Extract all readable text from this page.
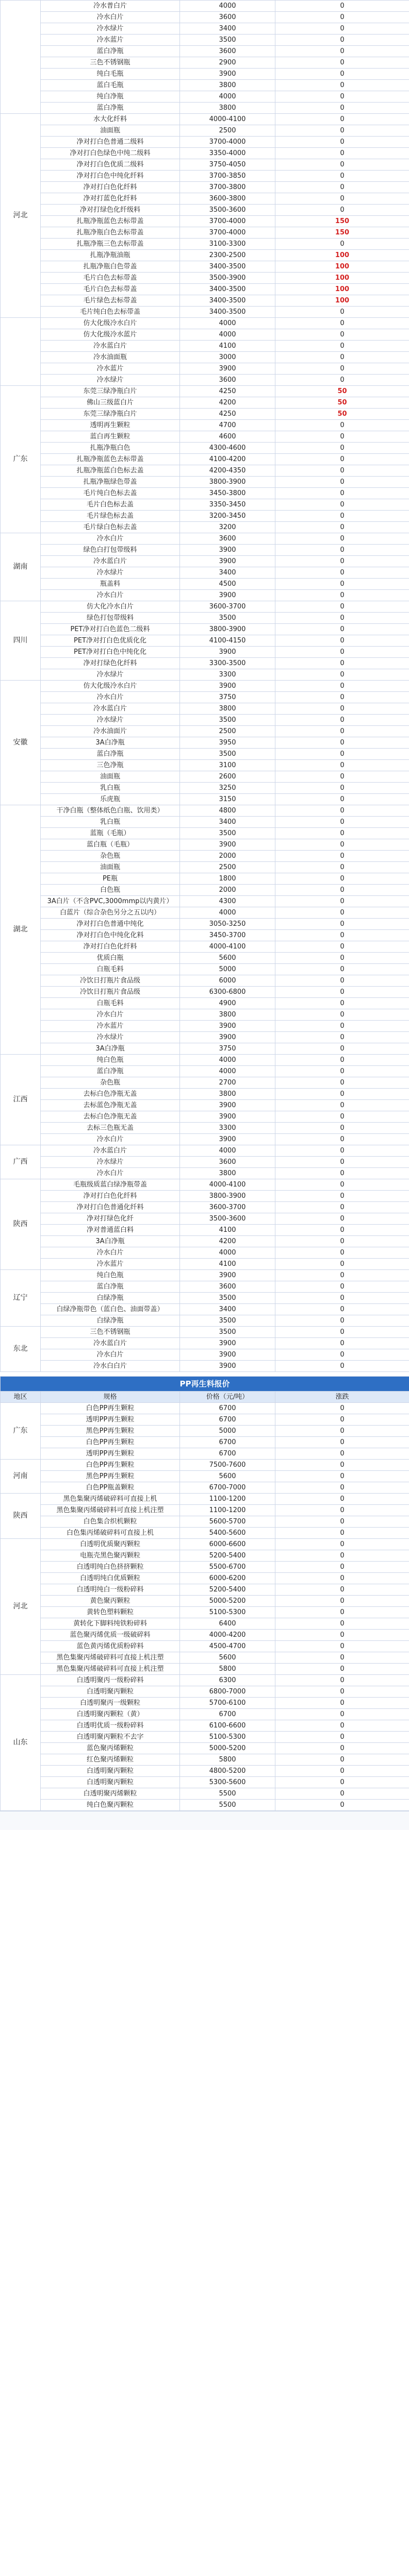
	冷水普白片	4000	0
	冷水白片	3600	0
	冷水绿片	3400	0
	冷水蓝片	3500	0
	蓝白净瓶	3600	0
	三色不锈钢瓶	2900	0
	纯白毛瓶	3900	0
	蓝白毛瓶	3800	0
	纯白净瓶	4000	0
	蓝白净瓶	3800	0
河北	水大化纤料	4000-4100	0
	油面瓶	2500	0
	净对打白色普通二级料	3700-4000	0
	净对打白色绿色中纯二级料	3350-4000	0
	净对打白色优质二级料	3750-4050	0
	净对打白色中纯化纤料	3700-3850	0
	净对打白色化纤料	3700-3800	0
	净对打蓝色化纤料	3600-3800	0
	净对打绿色化纤级料	3500-3600	0
	扎瓶净瓶蓝色去标带盖	3700-4000	150
	扎瓶净瓶白色去标带盖	3700-4000	150
	扎瓶净瓶三色去标带盖	3100-3300	0
	扎瓶净瓶油瓶	2300-2500	100
	扎瓶净瓶白色带盖	3400-3500	100
	毛片白色去标带盖	3500-3900	100
	毛片白色去标带盖	3400-3500	100
	毛片绿色去标带盖	3400-3500	100
	毛片纯白色去标带盖	3400-3500	0
	仿大化级冷水白片	4000	0
	仿大化级冷水蓝片	4000	0
	冷水蓝白片	4100	0
	冷水油面瓶	3000	0
	冷水蓝片	3900	0
	冷水绿片	3600	0
广东	东莞三绿净瓶白片	4250	50
	佛山三级蓝白片	4200	50
	东莞三绿净瓶白片	4250	50
	透明再生颗粒	4700	0
	蓝白再生颗粒	4600	0
	扎瓶净瓶白色	4300-4600	0
	扎瓶净瓶蓝色去标带盖	4100-4200	0
	扎瓶净瓶蓝白色标去盖	4200-4350	0
	扎瓶净瓶绿色带盖	3800-3900	0
	毛片纯白色标去盖	3450-3800	0
	毛片白色标去盖	3350-3450	0
	毛片绿色标去盖	3200-3450	0
	毛片绿白色标去盖	3200	0
湖南	冷水白片	3600	0
	绿色白打包带级料	3900	0
	冷水蓝白片	3900	0
	冷水绿片	3400	0
	瓶盖料	4500	0
	冷水白片	3900	0
四川	仿大化冷水白片	3600-3700	0
	绿色打包带级料	3500	0
	PET净对打白色蓝色二级料	3800-3900	0
	PET净对打白色优质化化	4100-4150	0
	PET净对打白色中纯化化	3900	0
	净对打绿色化纤料	3300-3500	0
	冷水绿片	3300	0
安徽	仿大化级冷水白片	3900	0
	冷水白片	3750	0
	冷水蓝白片	3800	0
	冷水绿片	3500	0
	冷水油面片	2500	0
	3A白净瓶	3950	0
	蓝白净瓶	3500	0
	三色净瓶	3100	0
	油面瓶	2600	0
	乳白瓶	3250	0
	乐虎瓶	3150	0
湖北	干净白瓶（整体纸色白瓶、饮用类）	4800	0
	乳白瓶	3400	0
	蓝瓶（毛瓶）	3500	0
	蓝白瓶（毛瓶）	3900	0
	杂色瓶	2000	0
	油面瓶	2500	0
	PE瓶	1800	0
	白色瓶	2000	0
	3A白片（不含PVC,3000mmp以内黄片）	4300	0
	白蓝片（综合杂色另分之五以内）	4000	0
	净对打白色普通中纯化	3050-3250	0
	净对打白色中纯化化料	3450-3700	0
	净对打白色化纤料	4000-4100	0
	优质白瓶	5600	0
	白瓶毛料	5000	0
	冷饮日打瓶片食品级	6000	0
	冷饮日打瓶片食品级	6300-6800	0
	白瓶毛料	4900	0
	冷水白片	3800	0
	冷水蓝片	3900	0
	冷水绿片	3900	0
	3A白净瓶	3750	0
江西	纯白色瓶	4000	0
	蓝白净瓶	4000	0
	杂色瓶	2700	0
	去标白色净瓶无盖	3800	0
	去标蓝色净瓶无盖	3900	0
	去标白色净瓶无盖	3900	0
	去标三色瓶无盖	3300	0
	冷水白片	3900	0
广西	冷水蓝白片	4000	0
	冷水绿片	3600	0
	冷水白片	3800	0
陕西	毛瓶级质蓝白绿净瓶带盖	4000-4100	0
	净对打白色化纤料	3800-3900	0
	净对打白色普通化纤料	3600-3700	0
	净对打绿色化纤	3500-3600	0
	净对普通蓝白料	4100	0
	3A白净瓶	4200	0
	冷水白片	4000	0
	冷水蓝片	4100	0
辽宁	纯白色瓶	3900	0
	蓝白净瓶	3600	0
	白绿净瓶	3500	0
	白绿净瓶带色（蓝白色、油面带盖）	3400	0
	白绿净瓶	3500	0
东北	三色不锈钢瓶	3500	0
	冷水蓝白片	3900	0
	冷水白片	3900	0
	冷水白白片	3900	0
PP再生料报价			
地区	规格	价格（元/吨）	涨跌
广东	白色PP再生颗粒	6700	0
	透明PP再生颗粒	6700	0
	黑色PP再生颗粒	5000	0
	白色PP再生颗粒	6700	0
	透明PP再生颗粒	6700	0
河南	白色PP再生颗粒	7500-7600	0
	黑色PP再生颗粒	5600	0
	白色PP瓶盖颗粒	6700-7000	0
陕西	黑色集聚丙烯破碎料可直接上机	1100-1200	0
	黑色集聚丙烯破碎料可直接上机注塑	1100-1200	0
	白色集合织机颗粒	5600-5700	0
	白色集丙烯破碎料可直接上机	5400-5600	0
河北	白透明优质聚丙颗粒	6000-6600	0
	电瓶壳黑色聚丙颗粒	5200-5400	0
	白透明纯白色挤挤颗粒	5500-6700	0
	白透明纯白优质颗粒	6000-6200	0
	白透明纯白一级粉碎料	5200-5400	0
	黄色聚丙颗粒	5000-5200	0
	黄转色塑料颗粒	5100-5300	0
	黄转化下脚料纯铁粉碎料	6400	0
	蓝色聚丙烯优质一级破碎料	4000-4200	0
	蓝色黄丙烯优质粉碎料	4500-4700	0
	黑色集聚丙烯破碎料可直接上机注塑	5600	0
	黑色集聚丙烯破碎料可直接上机注塑	5800	0
山东	白透明聚丙一级粉碎料	6300	0
	白透明聚丙颗粒	6800-7000	0
	白透明聚丙一级颗粒	5700-6100	0
	白透明聚丙颗粒（黄）	6700	0
	白透明优质一级粉碎料	6100-6600	0
	白透明聚丙颗粒不去字	5100-5300	0
	蓝色聚丙烯颗粒	5000-5200	0
	红色聚丙烯颗粒	5800	0
	白透明聚丙颗粒	4800-5200	0
	白透明聚丙颗粒	5300-5600	0
	白透明聚丙烯颗粒	5500	0
	纯白色聚丙颗粒	5500	0
